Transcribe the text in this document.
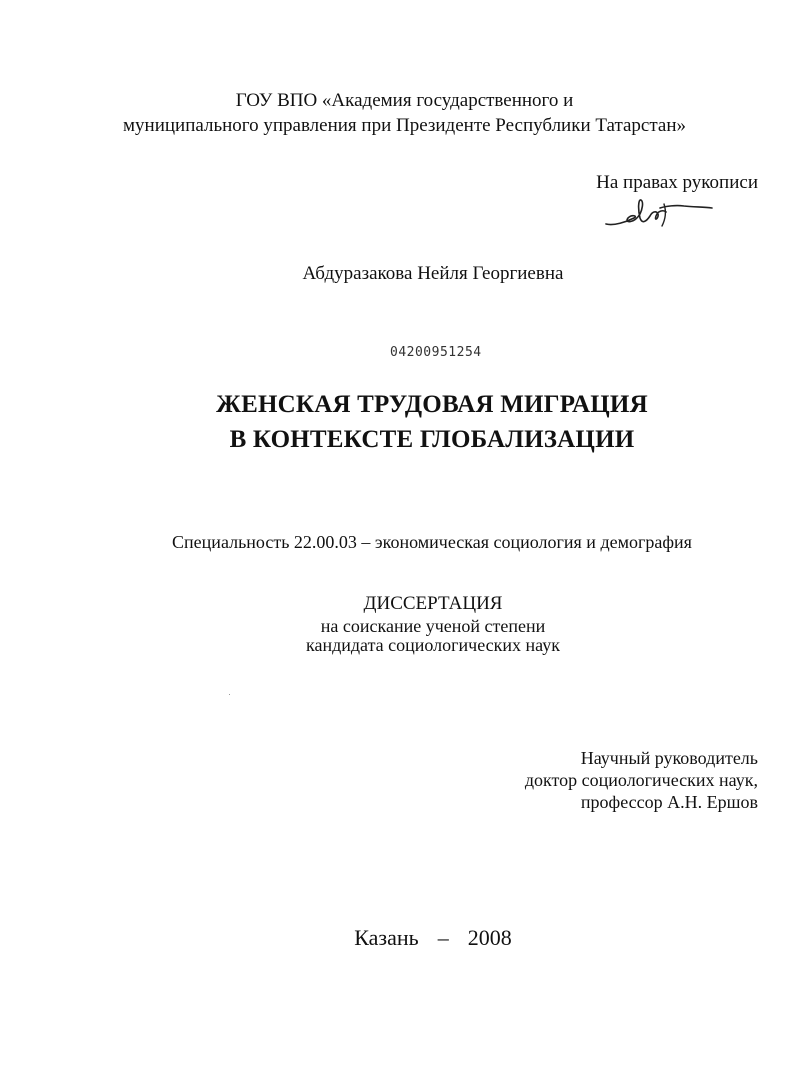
ГОУ ВПО «Академия государственного и
муниципального управления при Президенте Республики Татарстан»
На правах рукописи
Абдуразакова Нейля Георгиевна
04200951254
ЖЕНСКАЯ ТРУДОВАЯ МИГРАЦИЯ
В КОНТЕКСТЕ ГЛОБАЛИЗАЦИИ
Специальность 22.00.03 – экономическая социология и демография
ДИССЕРТАЦИЯ
на соискание ученой степени
кандидата социологических наук
Научный руководитель
доктор социологических наук,
профессор А.Н. Ершов
Казань  –  2008
